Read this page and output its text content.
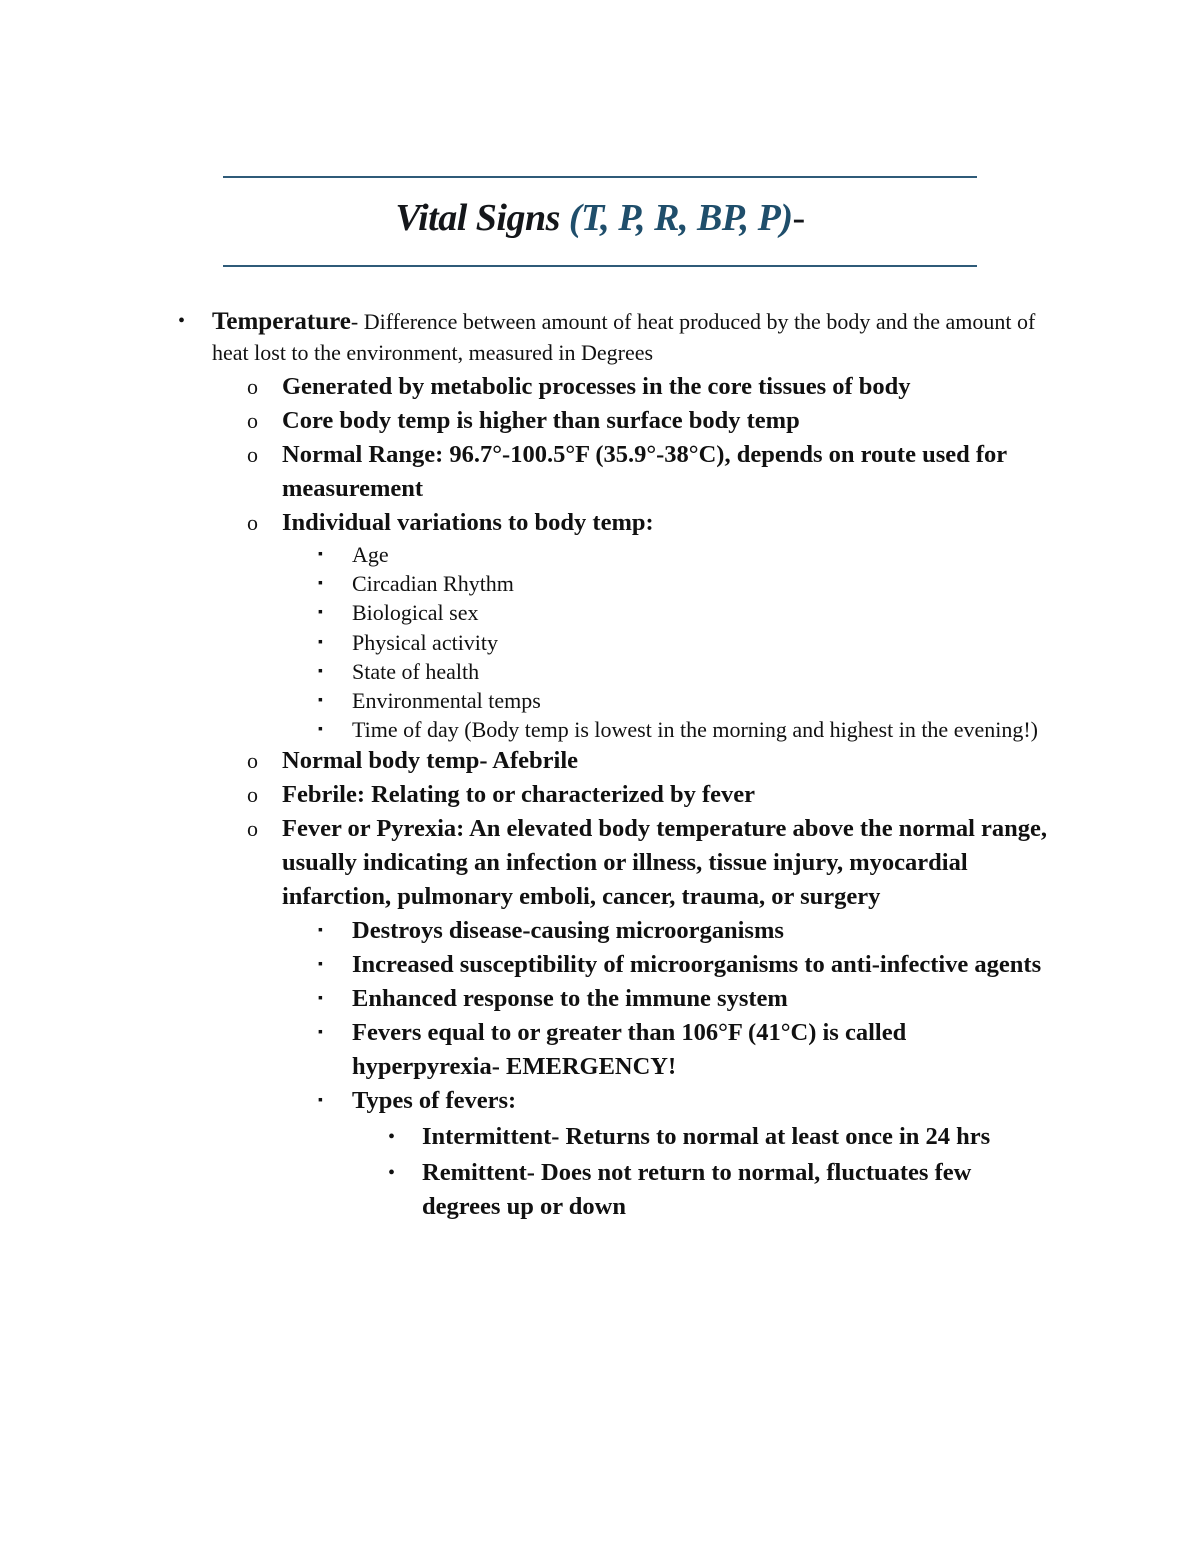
Vital Signs (T, P, R, BP, P)-
• Temperature- Difference between amount of heat produced by the body and the amount of heat lost to the environment, measured in Degrees
o Generated by metabolic processes in the core tissues of body
o Core body temp is higher than surface body temp
o Normal Range: 96.7°-100.5°F (35.9°-38°C), depends on route used for measurement
o Individual variations to body temp:
▪ Age
▪ Circadian Rhythm
▪ Biological sex
▪ Physical activity
▪ State of health
▪ Environmental temps
▪ Time of day (Body temp is lowest in the morning and highest in the evening!)
o Normal body temp- Afebrile
o Febrile: Relating to or characterized by fever
o Fever or Pyrexia: An elevated body temperature above the normal range, usually indicating an infection or illness, tissue injury, myocardial infarction, pulmonary emboli, cancer, trauma, or surgery
▪ Destroys disease-causing microorganisms
▪ Increased susceptibility of microorganisms to anti-infective agents
▪ Enhanced response to the immune system
▪ Fevers equal to or greater than 106°F (41°C) is called hyperpyrexia- EMERGENCY!
▪ Types of fevers:
• Intermittent- Returns to normal at least once in 24 hrs
• Remittent- Does not return to normal, fluctuates few degrees up or down
